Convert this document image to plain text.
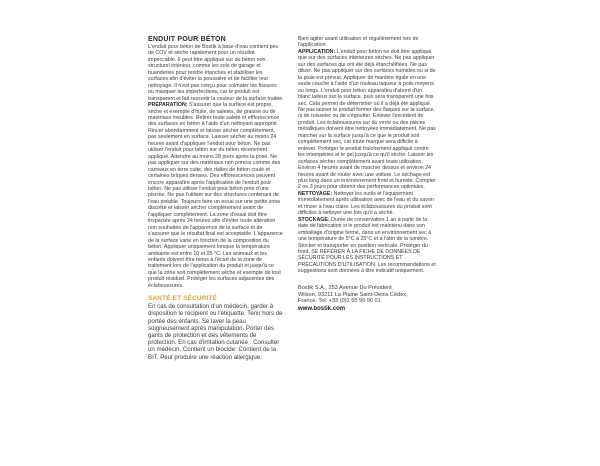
ENDUIT POUR BÉTON

L'enduit pour béton de Bostik à base d'eau contient peu de COV et sèche rapidement pour un résultat impeccable. Il peut être appliqué sur du béton non structurel intérieur, comme les sols de garage et buanderies pour rendre étanches et stabiliser les surfaces afin d'éviter la poussière et de faciliter leur nettoyage. Il n'est pas conçu pour colmater les fissures ou masquer les imperfections, car le produit est transparent et fait ressortir la couleur de la surface traitée.

PRÉPARATION: S'assurer que la surface est propre, sèche et exempte d'huile, de saletés, de graisse ou de matériaux meubles. Retirer toute saleté et efflorescence des surfaces en béton à l'aide d'un nettoyant approprié. Rincer abondamment et laisser sécher complètement, pas seulement en surface. Laisser sécher au moins 24 heures avant d'appliquer l'enduit pour béton. Ne pas utiliser l'enduit pour béton sur du béton récemment appliqué. Attendre au moins 28 jours après la pose. Ne pas appliquer sur des matériaux non poreux comme des carreaux en terre cuite, des dalles de béton coulé et certaines briques denses. Des efflorescences peuvent encore apparaître après l'application de l'enduit pour béton. Ne pas utiliser l'enduit pour béton près d'une piscine. Ne pas l'utiliser sur des structures contenant de l'eau potable. Toujours faire un essai sur une petite zone discrète et laisser sécher complètement avant de l'appliquer complètement. La zone d'essai doit être inspectée après 24 heures afin d'éviter toute altération non souhaitée de l'apparence de la surface et de s'assurer que le résultat final est acceptable. L'apparence de la surface varie en fonction de la composition du béton. Appliquer uniquement lorsque la température ambiante est entre 10 et 25 °C. Les animaux et les enfants doivent être tenus à l'écart de la zone de traitement lors de l'application du produit et jusqu'à ce que la zone soit complètement sèche et exempte de tout produit résiduel. Protéger les surfaces adjacentes des éclaboussures.

SANTÉ ET SÉCURITÉ

En cas de consultation d'un médecin, garder à disposition le récipient ou l'étiquette. Tenir hors de portée des enfants. Se laver la peau soigneusement après manipulation. Porter des gants de protection et des vêtements de protection. En cas d'irritation cutanée : Consulter un médecin. Contient un biocide: Contient de la BIT. Peut produire une réaction allergique.

Bien agiter avant utilisation et régulièrement lors de l'application.

APPLICATION: L'enduit pour béton ne doit être appliqué que sur des surfaces intérieures sèches. Ne pas appliquer sur des surfaces qui ont été déjà étanchéifiées. Ne pas diluer. Ne pas appliquer sur des surfaces humides ou si de la pluie est prévue. Appliquer de manière égale en une seule couche à l'aide d'un rouleau laqueur à poils moyens ou longs. L'enduit pour béton apparaîtra d'abord d'un blanc laiteux sur la surface, puis sera transparent une fois sec. Cela permet de déterminer où il a déjà été appliqué. Ne pas laisser le produit former des flaques sur la surface, ni de ruisseler ou de s'égoutter. Enlever l'excédent de produit. Les éclaboussures sur du verre ou des pièces métalliques doivent être nettoyées immédiatement. Ne pas marcher sur la surface jusqu'à ce que le produit soit complètement sec, car toute marque sera difficile à enlever. Protéger le produit fraîchement appliqué contre les intempéries et le gel jusqu'à ce qu'il sèche. Laisser les surfaces sécher complètement avant toute utilisation. Environ 4 heures avant de marcher dessus et environ 24 heures avant de rouler avec une voiture. Le séchage est plus long dans un environnement froid et humide. Compter 2 ou 3 jours pour obtenir des performances optimales.

NETTOYAGE: Nettoyer les outils et l'équipement immédiatement après utilisation avec de l'eau et du savon et rincer à l'eau claire. Les éclaboussures du produit sont difficiles à nettoyer une fois qu'il a séché.

STOCKAGE: Durée de conservation 1 an à partir de la date de fabrication si le produit est maintenu dans son emballage d'origine fermé, dans un environnement sec à une température de 5°C à 25°C et à l'abri de la lumière. Stocker et transporter en position verticale. Protéger du froid. SE RÉFÉRER À LA FICHE DE DONNÉES DE SÉCURITÉ POUR LES INSTRUCTIONS ET PRÉCAUTIONS D'UTILISATION. Les recommandations et suggestions sont données à titre indicatif uniquement.

Bostik S.A., 253 Avenue Du Président

Wilson, 93211 La Plaine Saint-Denis Cédex,

France. Tel: +33 (0)1 55 99 90 01

www.bostik.com
